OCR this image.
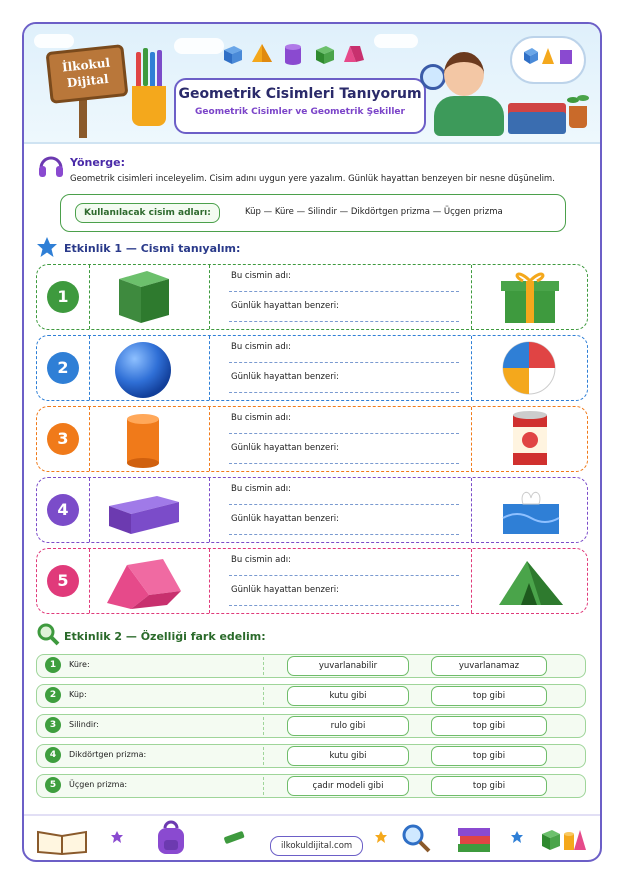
İlkokul
Dijital
Geometrik Cisimleri Tanıyorum
Geometrik Cisimler ve Geometrik Şekiller
Yönerge:
Geometrik cisimleri inceleyelim. Cisim adını uygun yere yazalım. Günlük hayattan benzeyen bir nesne düşünelim.
Kullanılacak cisim adları:	Küp — Küre — Silindir — Dikdörtgen prizma — Üçgen prizma
Etkinlik 1 — Cismi tanıyalım:
1
Bu cismin adı:
Günlük hayattan benzeri:
2
Bu cismin adı:
Günlük hayattan benzeri:
3
Bu cismin adı:
Günlük hayattan benzeri:
4
Bu cismin adı:
Günlük hayattan benzeri:
5
Bu cismin adı:
Günlük hayattan benzeri:
Etkinlik 2 — Özelliği fark edelim:
1	Küre:	yuvarlanabilir	yuvarlanamaz
2	Küp:	kutu gibi	top gibi
3	Silindir:	rulo gibi	top gibi
4	Dikdörtgen prizma:	kutu gibi	top gibi
5	Üçgen prizma:	çadır modeli gibi	top gibi
ilkokuldijital.com
